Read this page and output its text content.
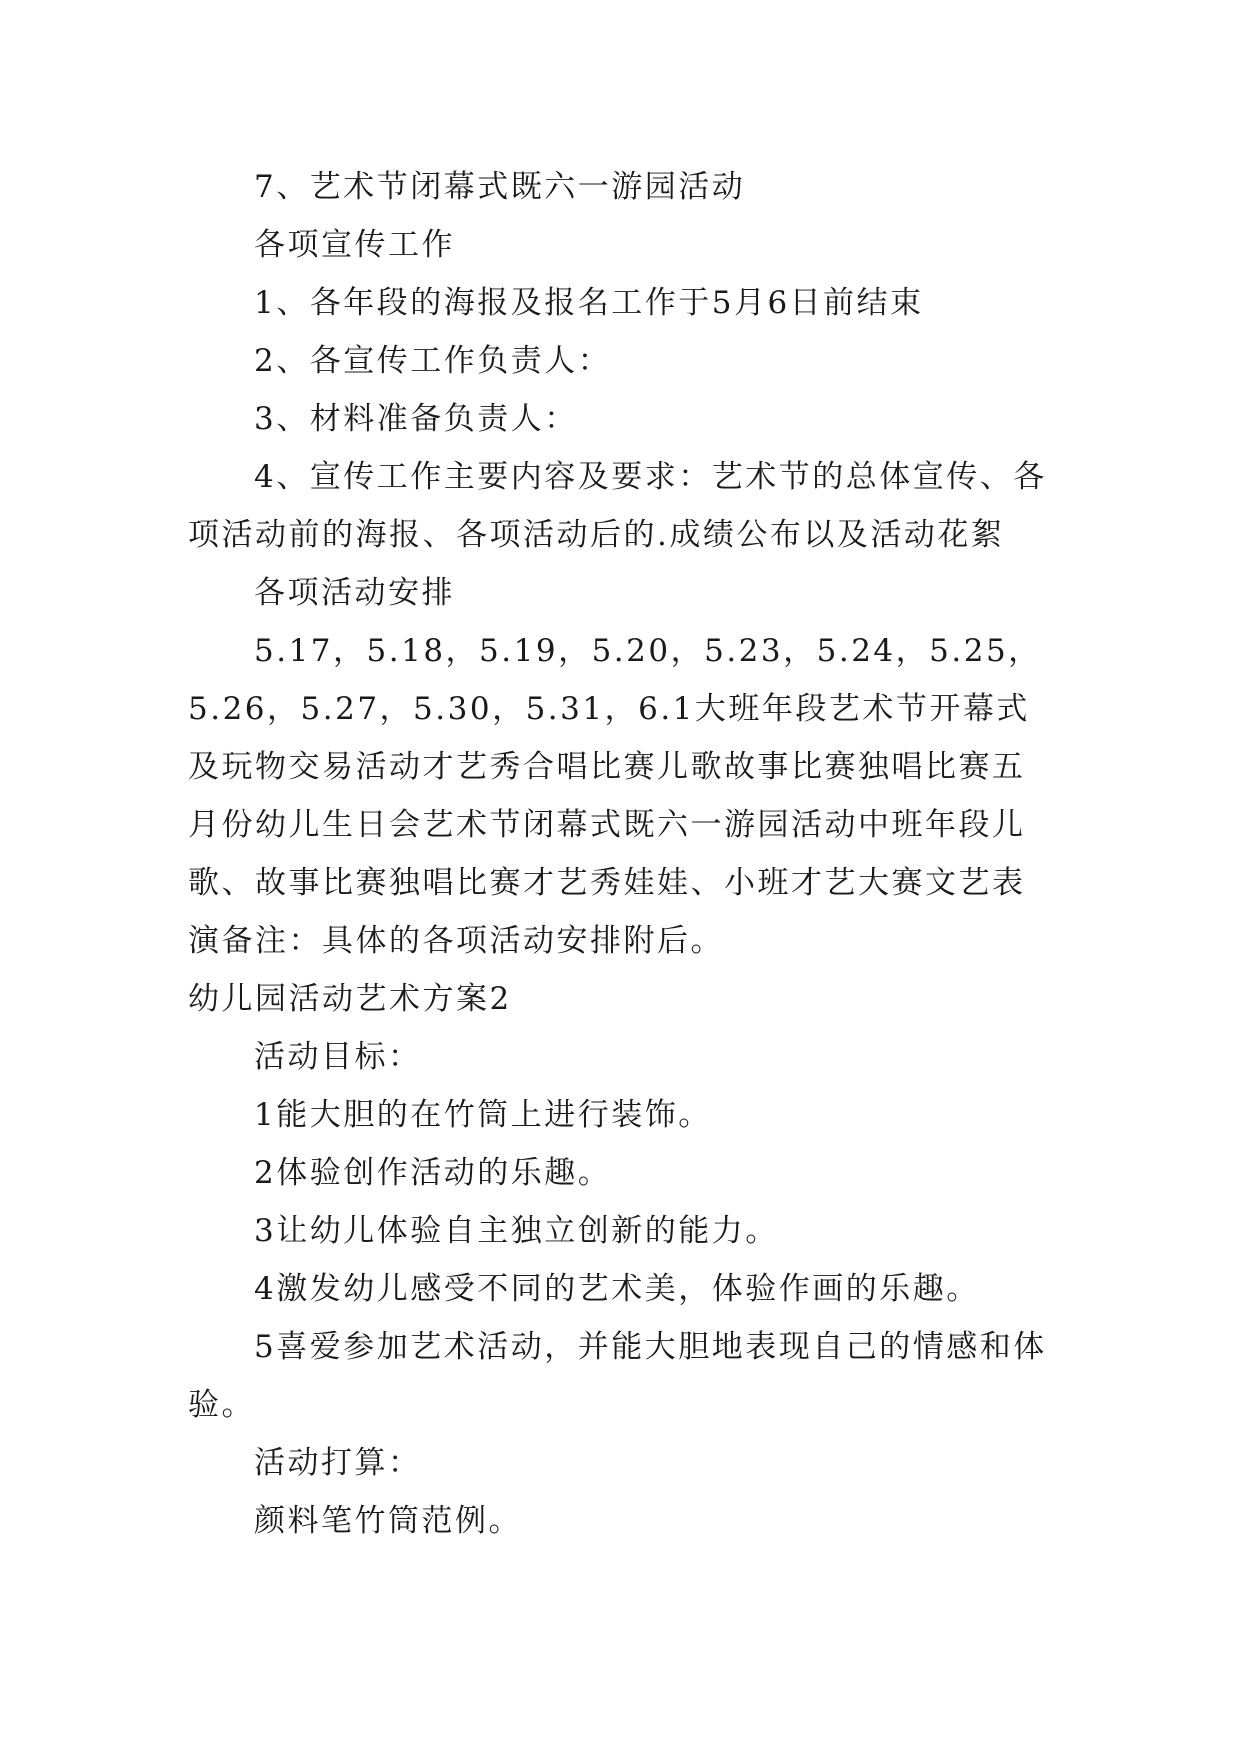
7、艺术节闭幕式既六一游园活动

各项宣传工作

1、各年段的海报及报名工作于5月6日前结束

2、各宣传工作负责人：

3、材料准备负责人：

4、宣传工作主要内容及要求：艺术节的总体宣传、各项活动前的海报、各项活动后的.成绩公布以及活动花絮

各项活动安排

5.17，5.18，5.19，5.20，5.23，5.24，5.25，5.26，5.27，5.30，5.31，6.1大班年段艺术节开幕式及玩物交易活动才艺秀合唱比赛儿歌故事比赛独唱比赛五月份幼儿生日会艺术节闭幕式既六一游园活动中班年段儿歌、故事比赛独唱比赛才艺秀娃娃、小班才艺大赛文艺表演备注：具体的各项活动安排附后。

幼儿园活动艺术方案2

活动目标：

1能大胆的在竹筒上进行装饰。

2体验创作活动的乐趣。

3让幼儿体验自主独立创新的能力。

4激发幼儿感受不同的艺术美，体验作画的乐趣。

5喜爱参加艺术活动，并能大胆地表现自己的情感和体验。

活动打算：

颜料笔竹筒范例。
